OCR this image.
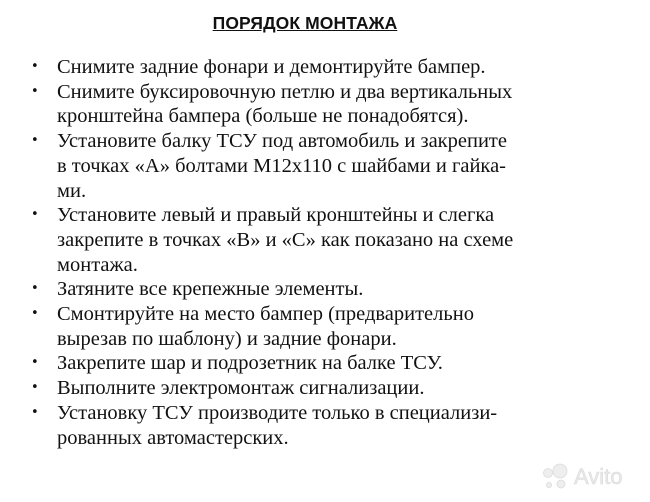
ПОРЯДОК МОНТАЖА
• Снимите задние фонари и демонтируйте бампер.
• Снимите буксировочную петлю и два вертикальных
кронштейна бампера (больше не понадобятся).
• Установите балку ТСУ под автомобиль и закрепите
в точках «А» болтами М12х110 с шайбами и гайка-
ми.
• Установите левый и правый кронштейны и слегка
закрепите в точках «В» и «С» как показано на схеме
монтажа.
• Затяните все крепежные элементы.
• Смонтируйте на место бампер (предварительно
вырезав по шаблону) и задние фонари.
• Закрепите шар и подрозетник на балке ТСУ.
• Выполните электромонтаж сигнализации.
• Установку ТСУ производите только в специализи-
рованных автомастерских.
Avito
